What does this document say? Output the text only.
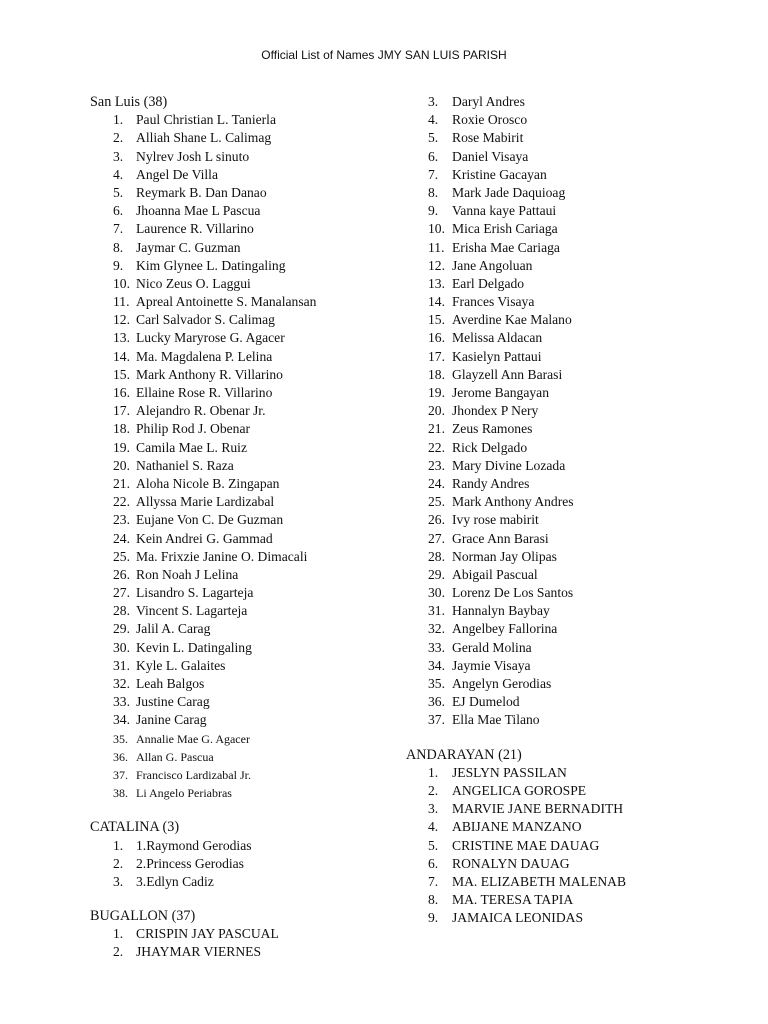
Official List of Names JMY SAN LUIS PARISH
San Luis (38)
1. Paul Christian L. Tanierla
2. Alliah Shane L. Calimag
3. Nylrev Josh L sinuto
4. Angel De Villa
5. Reymark B. Dan Danao
6. Jhoanna Mae L Pascua
7. Laurence R. Villarino
8. Jaymar C. Guzman
9. Kim Glynee L. Datingaling
10. Nico Zeus O. Laggui
11. Apreal Antoinette S. Manalansan
12. Carl Salvador S. Calimag
13. Lucky Maryrose G. Agacer
14. Ma. Magdalena P. Lelina
15. Mark Anthony R. Villarino
16. Ellaine Rose R. Villarino
17. Alejandro R. Obenar Jr.
18. Philip Rod J. Obenar
19. Camila Mae L. Ruiz
20. Nathaniel S. Raza
21. Aloha Nicole B. Zingapan
22. Allyssa Marie Lardizabal
23. Eujane Von C. De Guzman
24. Kein Andrei G. Gammad
25. Ma. Frixzie Janine O. Dimacali
26. Ron Noah J Lelina
27. Lisandro S. Lagarteja
28. Vincent S. Lagarteja
29. Jalil A. Carag
30. Kevin L. Datingaling
31. Kyle L. Galaites
32. Leah Balgos
33. Justine Carag
34. Janine Carag
35. Annalie Mae G. Agacer
36. Allan G. Pascua
37. Francisco Lardizabal Jr.
38. Li Angelo Periabras
CATALINA (3)
1. 1.Raymond Gerodias
2. 2.Princess Gerodias
3. 3.Edlyn Cadiz
BUGALLON (37)
1. CRISPIN JAY PASCUAL
2. JHAYMAR VIERNES
3.	Daryl Andres
4.	Roxie Orosco
5.	Rose Mabirit
6.	Daniel Visaya
7.	Kristine Gacayan
8.	Mark Jade Daquioag
9.	Vanna kaye Pattaui
10. Mica Erish Cariaga
11. Erisha Mae Cariaga
12. Jane Angoluan
13. Earl Delgado
14. Frances Visaya
15. Averdine Kae Malano
16. Melissa Aldacan
17. Kasielyn Pattaui
18. Glayzell Ann Barasi
19. Jerome Bangayan
20. Jhondex P Nery
21. Zeus Ramones
22. Rick Delgado
23. Mary Divine Lozada
24. Randy Andres
25. Mark Anthony Andres
26. Ivy rose mabirit
27. Grace Ann Barasi
28. Norman Jay Olipas
29. Abigail Pascual
30. Lorenz De Los Santos
31. Hannalyn Baybay
32. Angelbey Fallorina
33. Gerald Molina
34. Jaymie Visaya
35. Angelyn Gerodias
36. EJ Dumelod
37. Ella Mae Tilano
ANDARAYAN (21)
1.	JESLYN PASSILAN
2.	ANGELICA GOROSPE
3.	MARVIE JANE BERNADITH
4.	ABIJANE MANZANO
5.	CRISTINE MAE DAUAG
6.	RONALYN DAUAG
7.	MA. ELIZABETH MALENAB
8.	MA. TERESA TAPIA
9.	JAMAICA LEONIDAS
